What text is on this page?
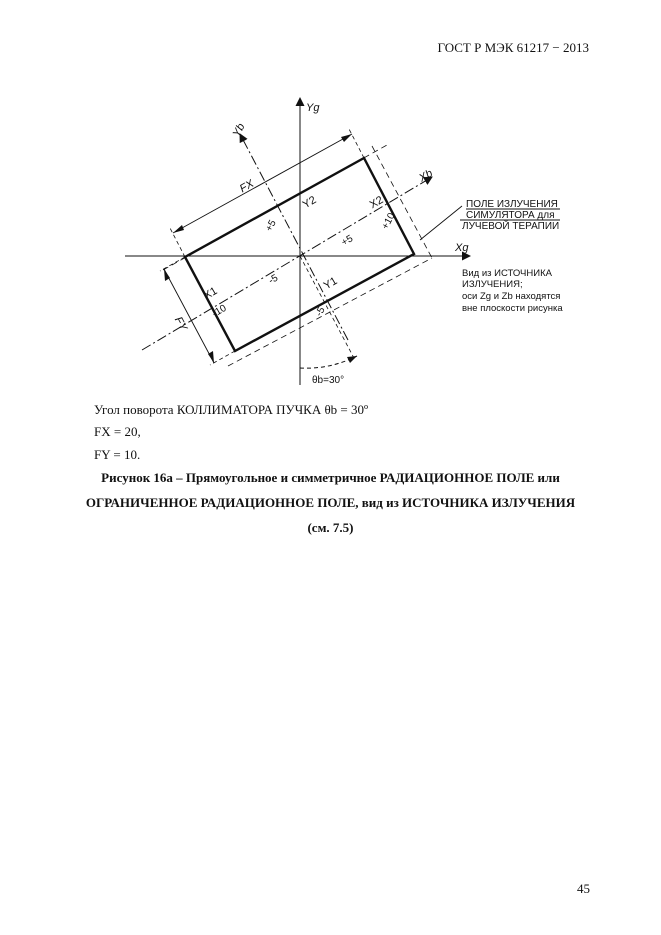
ГОСТ Р МЭК 61217 − 2013
Yg
Xg
Yb
Xb
X1
X2
Y1
Y2
FX
FY
+5
+5
-5
-5
+10
-10
θb=30°
ПОЛЕ ИЗЛУЧЕНИЯ
СИМУЛЯТОРА для
ЛУЧЕВОЙ ТЕРАПИИ
Вид из ИСТОЧНИКА
ИЗЛУЧЕНИЯ;
оси Zg и Zb находятся
вне плоскости рисунка
Угол поворота КОЛЛИМАТОРА ПУЧКА θb = 30º
FX = 20,
FY = 10.
Рисунок 16а – Прямоугольное и симметричное РАДИАЦИОННОЕ ПОЛЕ или
ОГРАНИЧЕННОЕ РАДИАЦИОННОЕ ПОЛЕ, вид из ИСТОЧНИКА ИЗЛУЧЕНИЯ
(см. 7.5)
45
